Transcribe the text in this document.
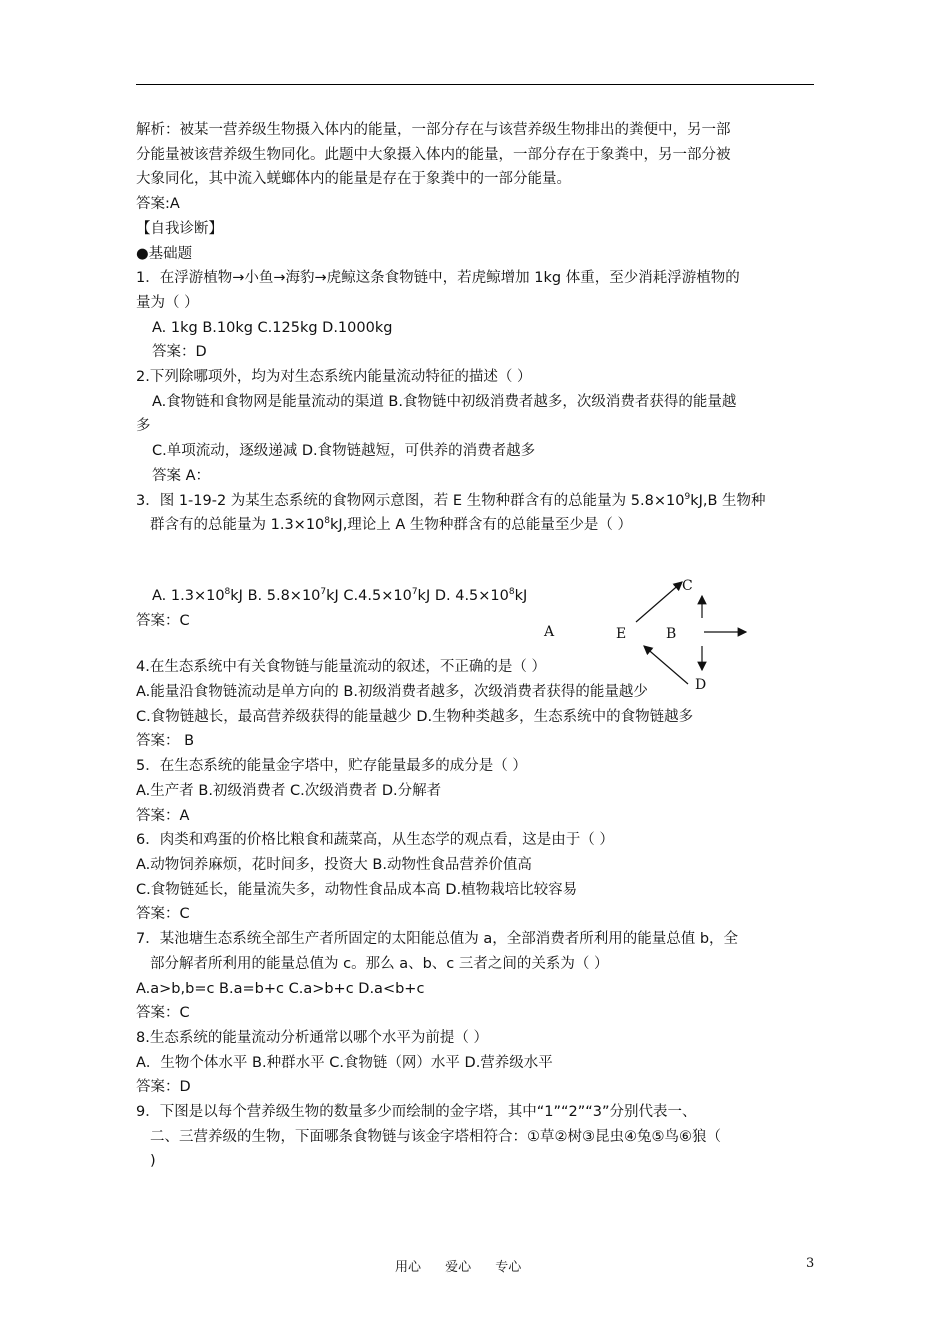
解析：被某一营养级生物摄入体内的能量，一部分存在与该营养级生物排出的粪便中，另一部
分能量被该营养级生物同化。此题中大象摄入体内的能量，一部分存在于象粪中，另一部分被
大象同化，其中流入蜣螂体内的能量是存在于象粪中的一部分能量。
答案:A
【自我诊断】
●基础题
1．在浮游植物→小鱼→海豹→虎鲸这条食物链中，若虎鲸增加 1kg 体重，至少消耗浮游植物的
量为（ ）
A. 1kg B.10kg C.125kg D.1000kg
答案：D
2.下列除哪项外，均为对生态系统内能量流动特征的描述（ ）
A.食物链和食物网是能量流动的渠道 B.食物链中初级消费者越多，次级消费者获得的能量越
多
C.单项流动，逐级递减 D.食物链越短，可供养的消费者越多
答案 A：
3．图 1-19-2 为某生态系统的食物网示意图，若 E 生物种群含有的总能量为 $5.8\times 10^9kJ,B$ 生物种
群含有的总能量为 $1.3\times 10^8kJ$,理论上 A 生物种群含有的总能量至少是（ ）
A. $1.3\times 10^8kJ$ B. $5.8\times 10^7kJ$ $C.4.5\times 10^7kJ$ D. $4.5\times 10^8kJ$
答案：C
4.在生态系统中有关食物链与能量流动的叙述，不正确的是（ ）
A.能量沿食物链流动是单方向的 B.初级消费者越多，次级消费者获得的能量越少
C.食物链越长，最高营养级获得的能量越少 D.生物种类越多，生态系统中的食物链越多
答案： B
5．在生态系统的能量金字塔中，贮存能量最多的成分是（ ）
A.生产者 B.初级消费者 C.次级消费者 D.分解者
答案：A
6．肉类和鸡蛋的价格比粮食和蔬菜高，从生态学的观点看，这是由于（ ）
A.动物饲养麻烦，花时间多，投资大 B.动物性食品营养价值高
C.食物链延长，能量流失多，动物性食品成本高 D.植物栽培比较容易
答案：C
7．某池塘生态系统全部生产者所固定的太阳能总值为 a，全部消费者所利用的能量总值 b，全
部分解者所利用的能量总值为 c。那么 a、b、c 三者之间的关系为（ ）
A.a>b,b=c B.a=b+c C.a>b+c D.a<b+c
答案：C
8.生态系统的能量流动分析通常以哪个水平为前提（ ）
A．生物个体水平 B.种群水平 C.食物链（网）水平 D.营养级水平
答案：D
9．下图是以每个营养级生物的数量多少而绘制的金字塔，其中“1”“2”“3”分别代表一、
二、三营养级的生物，下面哪条食物链与该金字塔相符合：①草②树③昆虫④兔⑤鸟⑥狼（
)
C
E	B
D
A
用心 爱心 专心	3
